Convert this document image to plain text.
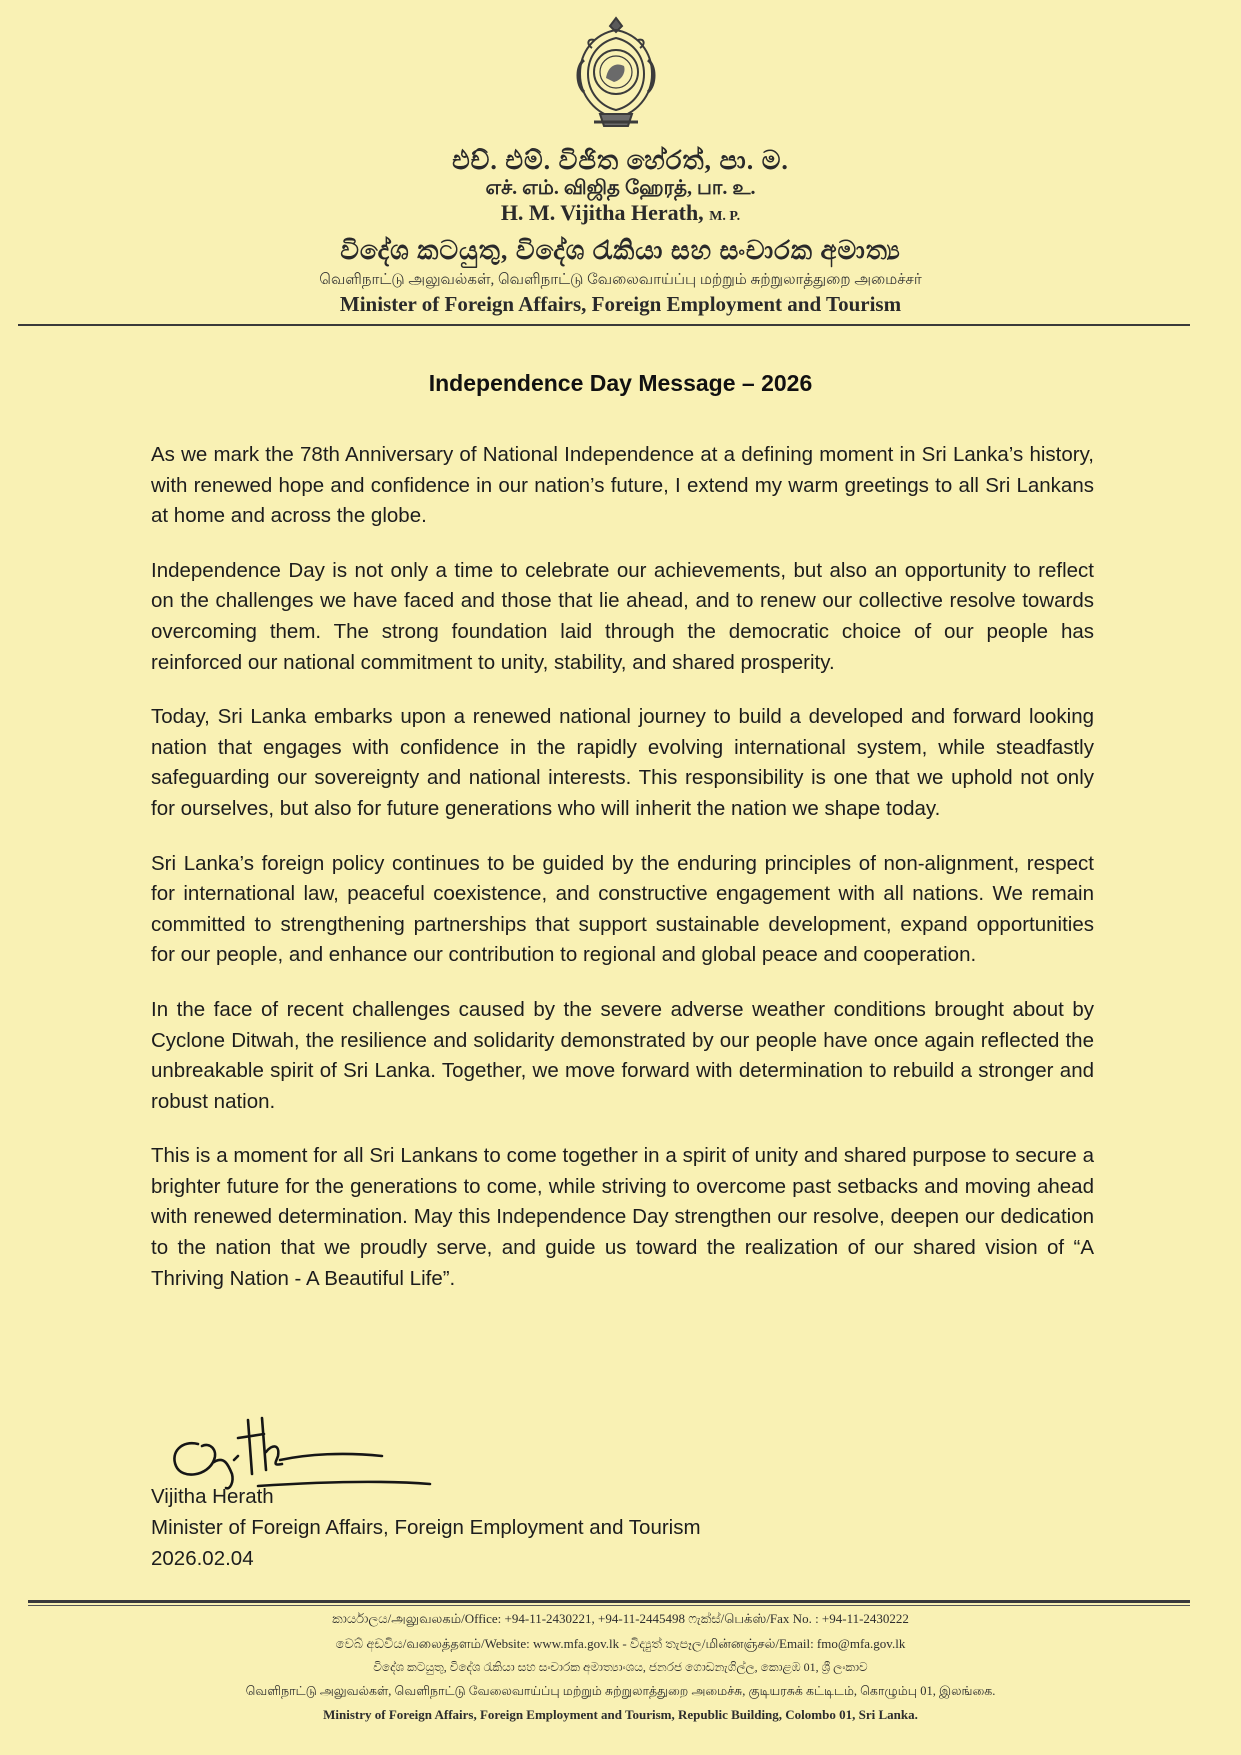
එච්. එම්. විජිත හේරත්, පා. ම.
எச். எம். விஜித ஹேரத், பா. உ.
H. M. Vijitha Herath, M. P.
විදේශ කටයුතු, විදේශ රැකියා සහ සංචාරක අමාත්‍ය
வெளிநாட்டு அலுவல்கள், வெளிநாட்டு வேலைவாய்ப்பு மற்றும் சுற்றுலாத்துறை அமைச்சர்
Minister of Foreign Affairs, Foreign Employment and Tourism
Independence Day Message – 2026

As we mark the 78th Anniversary of National Independence at a defining moment in Sri Lanka’s history, with renewed hope and confidence in our nation’s future, I extend my warm greetings to all Sri Lankans at home and across the globe.

Independence Day is not only a time to celebrate our achievements, but also an opportunity to reflect on the challenges we have faced and those that lie ahead, and to renew our collective resolve towards overcoming them. The strong foundation laid through the democratic choice of our people has reinforced our national commitment to unity, stability, and shared prosperity.

Today, Sri Lanka embarks upon a renewed national journey to build a developed and forward looking nation that engages with confidence in the rapidly evolving international system, while steadfastly safeguarding our sovereignty and national interests. This responsibility is one that we uphold not only for ourselves, but also for future generations who will inherit the nation we shape today.

Sri Lanka’s foreign policy continues to be guided by the enduring principles of non-alignment, respect for international law, peaceful coexistence, and constructive engagement with all nations. We remain committed to strengthening partnerships that support sustainable development, expand opportunities for our people, and enhance our contribution to regional and global peace and cooperation.

In the face of recent challenges caused by the severe adverse weather conditions brought about by Cyclone Ditwah, the resilience and solidarity demonstrated by our people have once again reflected the unbreakable spirit of Sri Lanka. Together, we move forward with determination to rebuild a stronger and robust nation.

This is a moment for all Sri Lankans to come together in a spirit of unity and shared purpose to secure a brighter future for the generations to come, while striving to overcome past setbacks and moving ahead with renewed determination. May this Independence Day strengthen our resolve, deepen our dedication to the nation that we proudly serve, and guide us toward the realization of our shared vision of “A Thriving Nation - A Beautiful Life”.

Vijitha Herath
Minister of Foreign Affairs, Foreign Employment and Tourism
2026.02.04
කාර්යාලය/அலுவலகம்/Office: +94-11-2430221, +94-11-2445498 ෆැක්ස්/பெக்ஸ்/Fax No. : +94-11-2430222
වෙබ් අඩවිය/வலைத்தளம்/Website: www.mfa.gov.lk - විද්‍යුත් තැපෑල/மின்னஞ்சல்/Email: fmo@mfa.gov.lk
විදේශ කටයුතු, විදේශ රැකියා සහ සංචාරක අමාත්‍යාංශය, ජනරජ ගොඩනැගිල්ල, කොළඹ 01, ශ්‍රී ලංකාව
வெளிநாட்டு அலுவல்கள், வெளிநாட்டு வேலைவாய்ப்பு மற்றும் சுற்றுலாத்துறை அமைச்சு, குடியரசுக் கட்டிடம், கொழும்பு 01, இலங்கை.
Ministry of Foreign Affairs, Foreign Employment and Tourism, Republic Building, Colombo 01, Sri Lanka.
